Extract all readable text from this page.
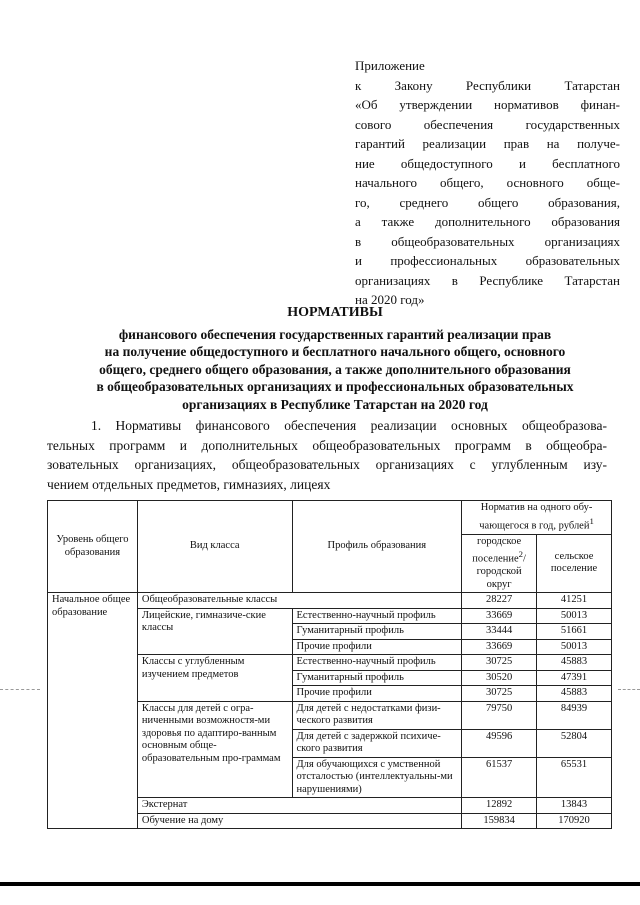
Приложение
к Закону Республики Татарстан
«Об утверждении нормативов финан-
сового обеспечения государственных
гарантий реализации прав на получе-
ние общедоступного и бесплатного
начального общего, основного обще-
го, среднего общего образования,
а также дополнительного образования
в общеобразовательных организациях
и профессиональных образовательных
организациях в Республике Татарстан
на 2020 год»
НОРМАТИВЫ
финансового обеспечения государственных гарантий реализации прав
на получение общедоступного и бесплатного начального общего, основного
общего, среднего общего образования, а также дополнительного образования
в общеобразовательных организациях и профессиональных образовательных
организациях в Республике Татарстан на 2020 год
1. Нормативы финансового обеспечения реализации основных общеобразова-
тельных программ и дополнительных общеобразовательных программ в общеобра-
зовательных организациях, общеобразовательных организациях с углубленным изу-
чением отдельных предметов, гимназиях, лицеях
Уровень общего образования	Вид класса	Профиль образования	Норматив на одного обу-чающегося в год, рублей$^1$
			городское поселение$^2$/ городской округ	сельское поселение
Начальное общее образование	Общеобразовательные классы		28227	41251
	Лицейские, гимназиче-ские классы	Естественно-научный профиль	33669	50013
		Гуманитарный профиль	33444	51661
		Прочие профили	33669	50013
	Классы с углубленным изучением предметов	Естественно-научный профиль	30725	45883
		Гуманитарный профиль	30520	47391
		Прочие профили	30725	45883
	Классы для детей с огра-ниченными возможностя-ми здоровья по адаптиро-ванным основным обще-образовательным про-граммам	Для детей с недостатками физи-ческого развития	79750	84939
		Для детей с задержкой психиче-ского развития	49596	52804
		Для обучающихся с умственной отсталостью (интеллектуальны-ми нарушениями)	61537	65531
	Экстернат		12892	13843
	Обучение на дому		159834	170920
